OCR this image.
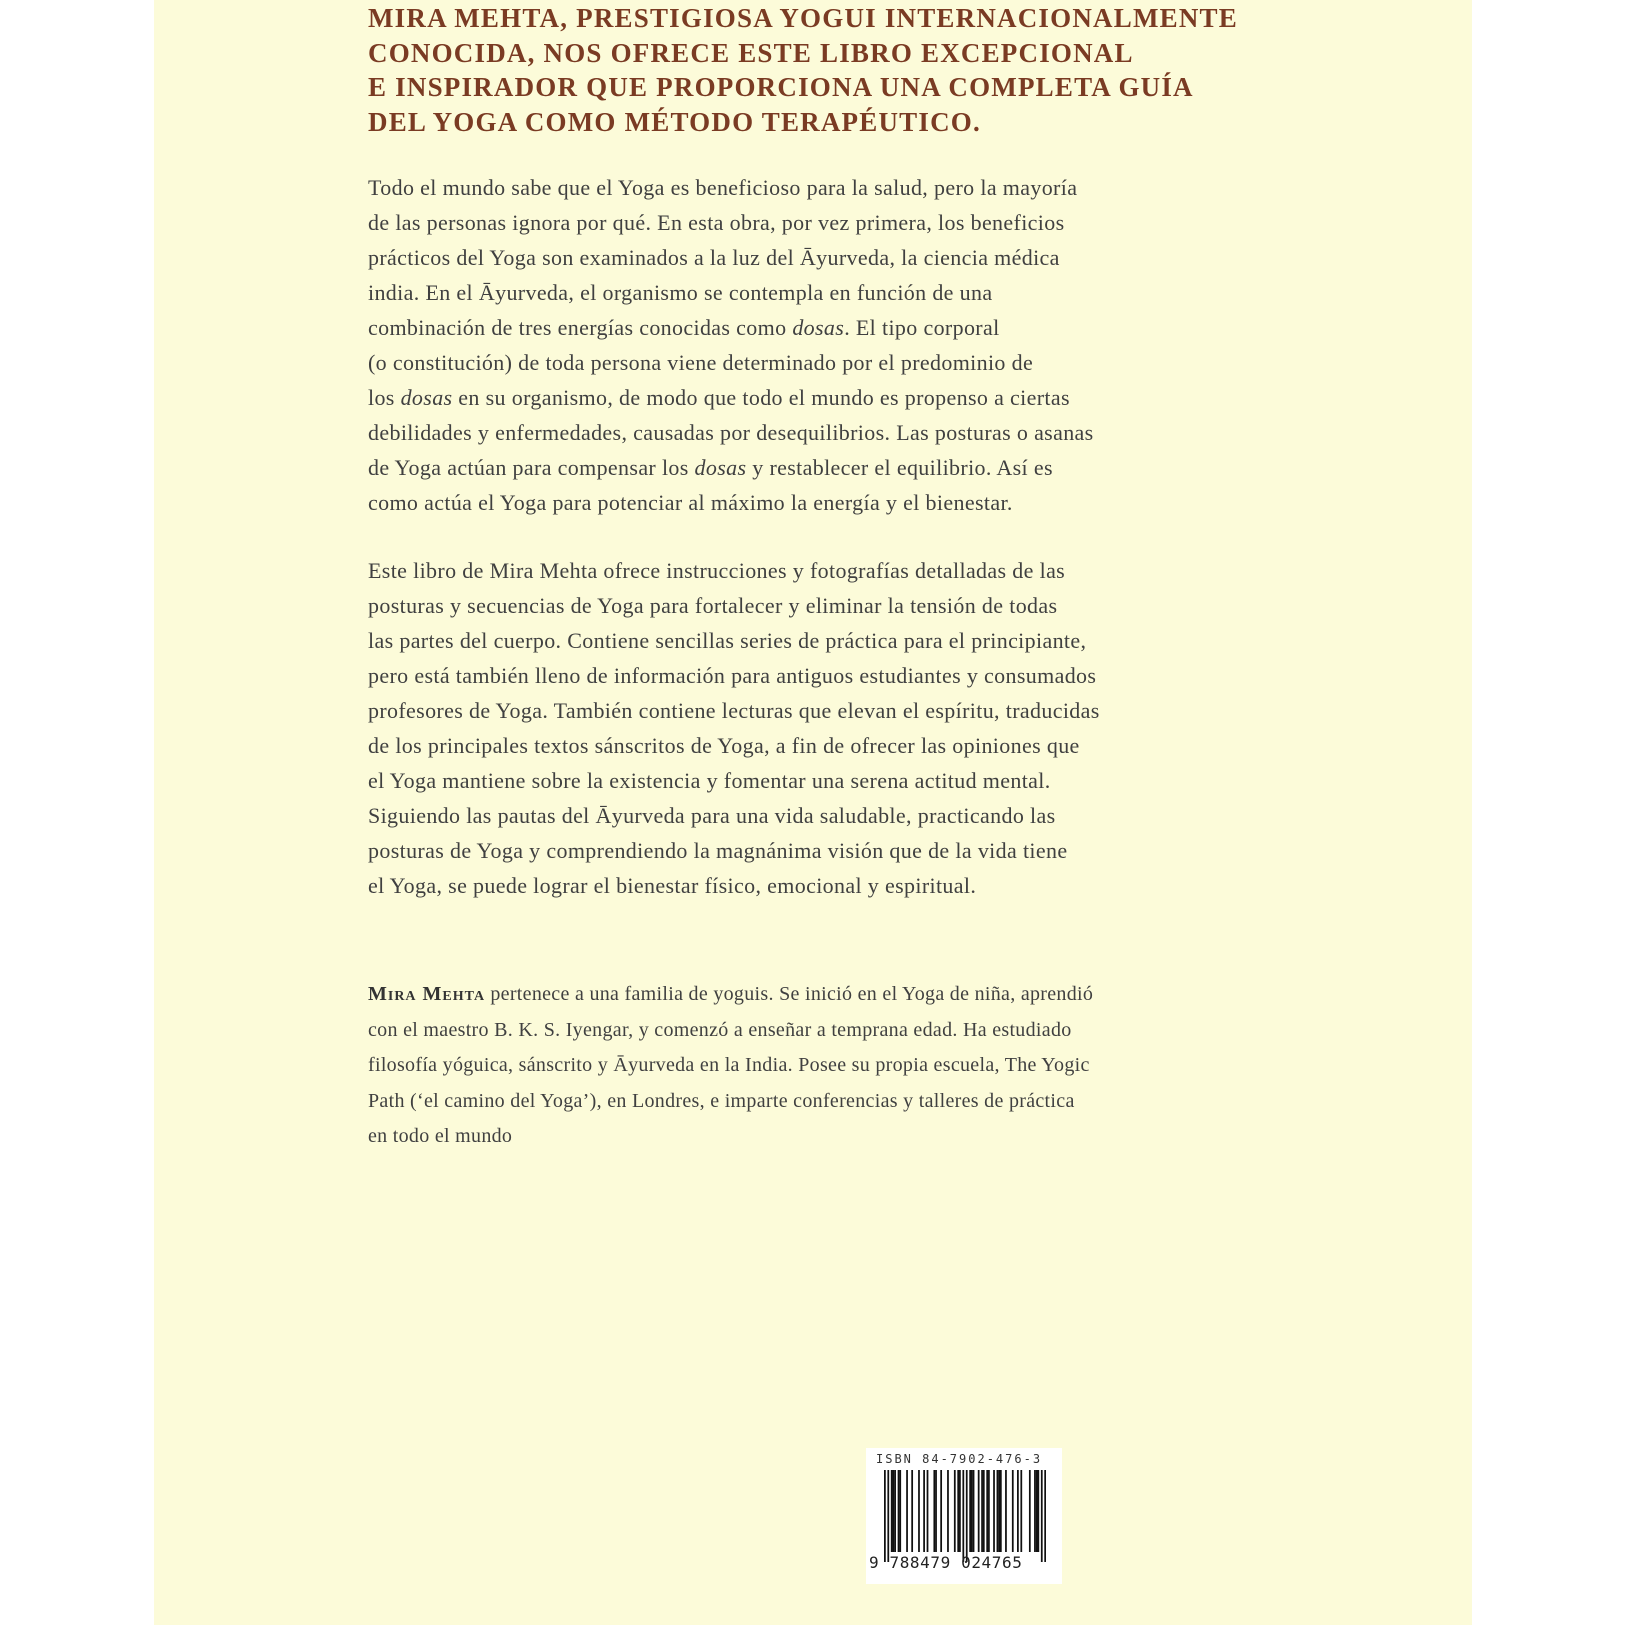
MIRA MEHTA, PRESTIGIOSA YOGUI INTERNACIONALMENTE
CONOCIDA, NOS OFRECE ESTE LIBRO EXCEPCIONAL
E INSPIRADOR QUE PROPORCIONA UNA COMPLETA GUÍA
DEL YOGA COMO MÉTODO TERAPÉUTICO.

Todo el mundo sabe que el Yoga es beneficioso para la salud, pero la mayoría
de las personas ignora por qué. En esta obra, por vez primera, los beneficios
prácticos del Yoga son examinados a la luz del Āyurveda, la ciencia médica
india. En el Āyurveda, el organismo se contempla en función de una
combinación de tres energías conocidas como dosas. El tipo corporal
(o constitución) de toda persona viene determinado por el predominio de
los dosas en su organismo, de modo que todo el mundo es propenso a ciertas
debilidades y enfermedades, causadas por desequilibrios. Las posturas o asanas
de Yoga actúan para compensar los dosas y restablecer el equilibrio. Así es
como actúa el Yoga para potenciar al máximo la energía y el bienestar.

Este libro de Mira Mehta ofrece instrucciones y fotografías detalladas de las
posturas y secuencias de Yoga para fortalecer y eliminar la tensión de todas
las partes del cuerpo. Contiene sencillas series de práctica para el principiante,
pero está también lleno de información para antiguos estudiantes y consumados
profesores de Yoga. También contiene lecturas que elevan el espíritu, traducidas
de los principales textos sánscritos de Yoga, a fin de ofrecer las opiniones que
el Yoga mantiene sobre la existencia y fomentar una serena actitud mental.
Siguiendo las pautas del Āyurveda para una vida saludable, practicando las
posturas de Yoga y comprendiendo la magnánima visión que de la vida tiene
el Yoga, se puede lograr el bienestar físico, emocional y espiritual.

Mira Mehta pertenece a una familia de yoguis. Se inició en el Yoga de niña, aprendió
con el maestro B. K. S. Iyengar, y comenzó a enseñar a temprana edad. Ha estudiado
filosofía yóguica, sánscrito y Āyurveda en la India. Posee su propia escuela, The Yogic
Path (‘el camino del Yoga’), en Londres, e imparte conferencias y talleres de práctica
en todo el mundo

ISBN 84-7902-476-3
9 788479 024765
